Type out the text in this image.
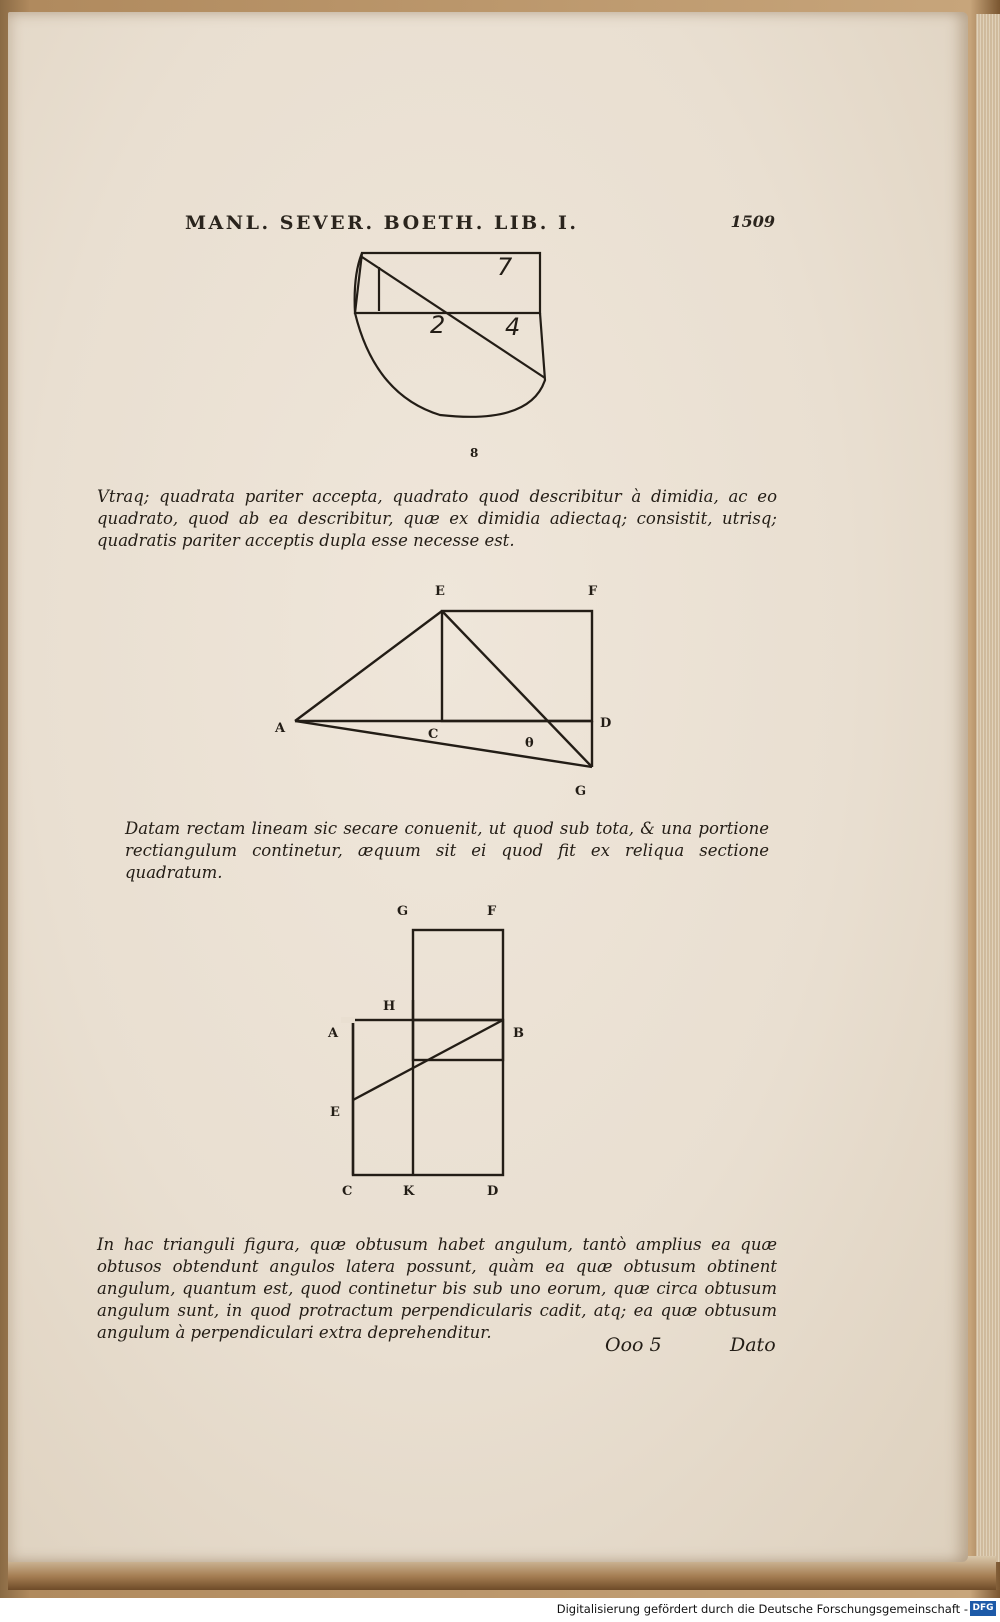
MANL. SEVER. BOETH. LIB. I.	1509
7
2 4
8

Vtraq; quadrata pariter accepta, quadrato quod describitur à dimidia, ac eo quadrato, quod ab ea describitur, quæ ex dimidia adiectaq; consistit, utrisq; quadratis pariter acceptis dupla esse necesse est.

E	F
A	C
θ
D
G

Datam rectam lineam sic secare conuenit, ut quod sub tota, & una portione rectiangulum continetur, æquum sit ei quod fit ex reliqua sectione quadratum.

G	F
H
A	B
E
C	K	D

In hac trianguli figura, quæ obtusum habet angulum, tantò amplius ea quæ obtusos obtendunt angulos latera possunt, quàm ea quæ obtusum obtinent angulum, quantum est, quod continetur bis sub uno eorum, quæ circa obtusum angulum sunt, in quod protractum perpendicularis cadit, atq; ea quæ obtusum angulum à perpendiculari extra deprehenditur.

Ooo 5	Dato
Digitalisierung gefördert durch die Deutsche Forschungsgemeinschaft - DFG
